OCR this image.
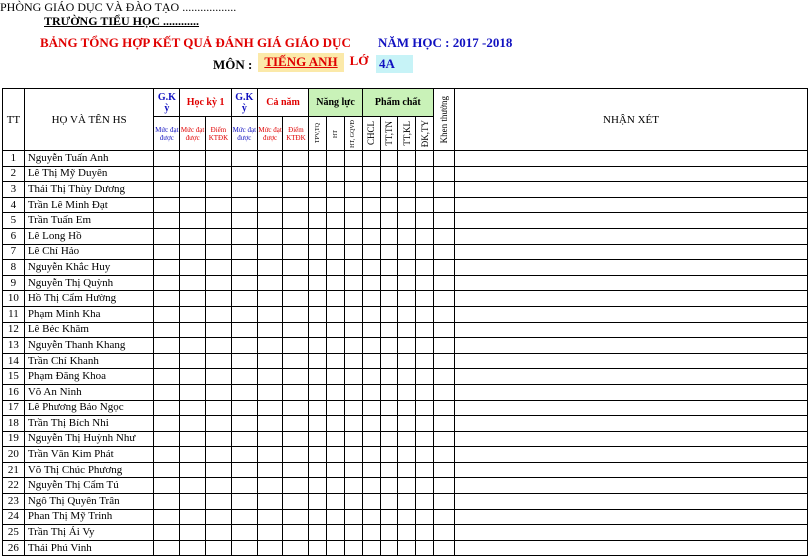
PHÒNG GIÁO DỤC VÀ ĐÀO TẠO ..................
TRƯỜNG TIỂU HỌC ............
BẢNG TỔNG HỢP KẾT QUẢ ĐÁNH GIÁ GIÁO DỤC NĂM HỌC : 2017 -2018
MÔN : TIẾNG ANH LỚ 4A
TT	HỌ VÀ TÊN HS	G.K ỳ	Học kỳ 1		G.K ỳ	Cả năm		Năng lực			Phẩm chất				Khen thưởng	NHẬN XÉT
		Mức đạt được	Mức đạt được	Điểm KTĐK	Mức đạt được	Mức đạt được	Điểm KTĐK	TPV,TQ	HT	HT, GQVĐ	CHCL	TT,TN	TT,KL	ĐK,TY		

1	Nguyễn Tuấn Anh															
2	Lê Thị Mỹ Duyên															
3	Thái Thị Thùy Dương															
4	Trần Lê Minh Đạt															
5	Trần Tuấn Em															
6	Lê Long Hồ															
7	Lê Chí Hảo															
8	Nguyễn Khắc Huy															
9	Nguyễn Thị Quỳnh															
10	Hồ Thị Cẩm Hường															
11	Phạm Minh Kha															
12	Lê Bẻc Khăm															
13	Nguyễn Thanh Khang															
14	Trần Chí Khanh															
15	Phạm Đăng Khoa															
16	Võ An Ninh															
17	Lê Phương Bảo Ngọc															
18	Trần Thị Bích Nhi															
19	Nguyễn Thị Huỳnh Như															
20	Trần Văn Kim Phát															
21	Võ Thị Chúc Phương															
22	Nguyễn Thị Cẩm Tú															
23	Ngô Thị Quyên Trân															
24	Phan Thị Mỹ Trinh															
25	Trần Thị Ái Vy															
26	Thái Phú Vinh															
